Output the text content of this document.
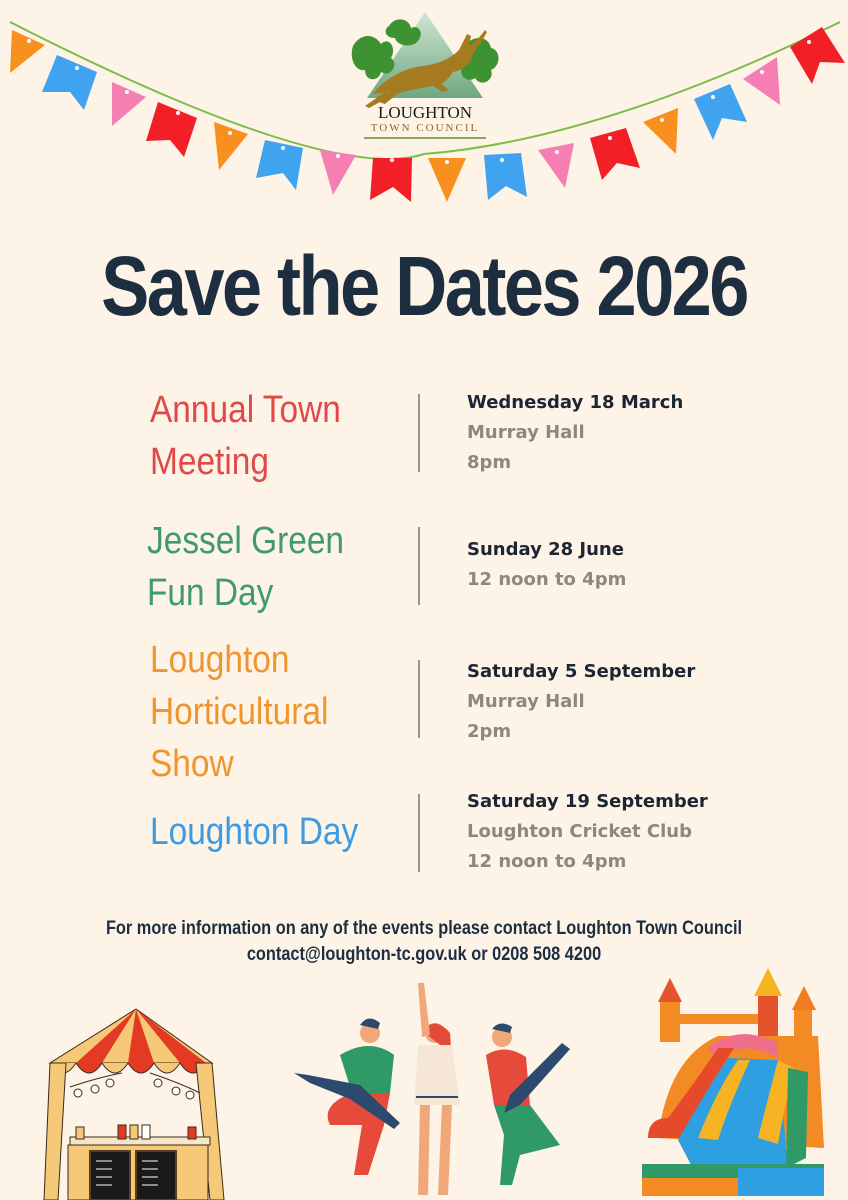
LOUGHTON
TOWN COUNCIL
Save the Dates 2026
Annual Town
Meeting
Wednesday 18 March
Murray Hall
8pm
Jessel Green
Fun Day
Sunday 28 June
12 noon to 4pm
Loughton
Horticultural
Show
Saturday 5 September
Murray Hall
2pm
Loughton Day
Saturday 19 September
Loughton Cricket Club
12 noon to 4pm
For more information on any of the events please contact Loughton Town Council
contact@loughton-tc.gov.uk or 0208 508 4200
